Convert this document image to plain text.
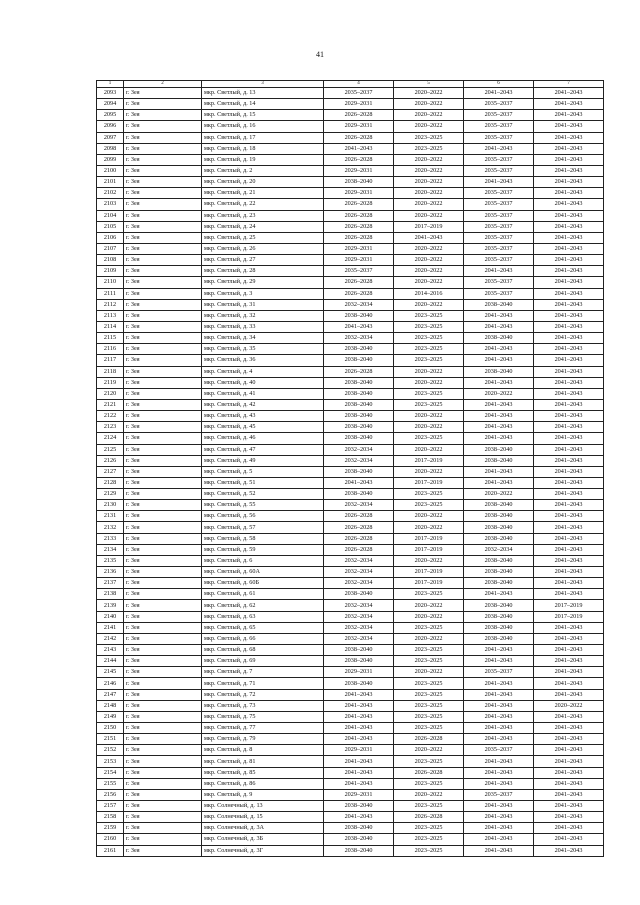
41
1	2	3	4	5	6	7
2093	г. Зея	мкр. Светлый, д. 13	2035–2037	2020–2022	2041–2043	2041–2043
2094	г. Зея	мкр. Светлый, д. 14	2029–2031	2020–2022	2035–2037	2041–2043
2095	г. Зея	мкр. Светлый, д. 15	2026–2028	2020–2022	2035–2037	2041–2043
2096	г. Зея	мкр. Светлый, д. 16	2029–2031	2020–2022	2035–2037	2041–2043
2097	г. Зея	мкр. Светлый, д. 17	2026–2028	2023–2025	2035–2037	2041–2043
2098	г. Зея	мкр. Светлый, д. 18	2041–2043	2023–2025	2041–2043	2041–2043
2099	г. Зея	мкр. Светлый, д. 19	2026–2028	2020–2022	2035–2037	2041–2043
2100	г. Зея	мкр. Светлый, д. 2	2029–2031	2020–2022	2035–2037	2041–2043
2101	г. Зея	мкр. Светлый, д. 20	2038–2040	2020–2022	2041–2043	2041–2043
2102	г. Зея	мкр. Светлый, д. 21	2029–2031	2020–2022	2035–2037	2041–2043
2103	г. Зея	мкр. Светлый, д. 22	2026–2028	2020–2022	2035–2037	2041–2043
2104	г. Зея	мкр. Светлый, д. 23	2026–2028	2020–2022	2035–2037	2041–2043
2105	г. Зея	мкр. Светлый, д. 24	2026–2028	2017–2019	2035–2037	2041–2043
2106	г. Зея	мкр. Светлый, д. 25	2026–2028	2041–2043	2035–2037	2041–2043
2107	г. Зея	мкр. Светлый, д. 26	2029–2031	2020–2022	2035–2037	2041–2043
2108	г. Зея	мкр. Светлый, д. 27	2029–2031	2020–2022	2035–2037	2041–2043
2109	г. Зея	мкр. Светлый, д. 28	2035–2037	2020–2022	2041–2043	2041–2043
2110	г. Зея	мкр. Светлый, д. 29	2026–2028	2020–2022	2035–2037	2041–2043
2111	г. Зея	мкр. Светлый, д. 3	2026–2028	2014–2016	2035–2037	2041–2043
2112	г. Зея	мкр. Светлый, д. 31	2032–2034	2020–2022	2038–2040	2041–2043
2113	г. Зея	мкр. Светлый, д. 32	2038–2040	2023–2025	2041–2043	2041–2043
2114	г. Зея	мкр. Светлый, д. 33	2041–2043	2023–2025	2041–2043	2041–2043
2115	г. Зея	мкр. Светлый, д. 34	2032–2034	2023–2025	2038–2040	2041–2043
2116	г. Зея	мкр. Светлый, д. 35	2038–2040	2023–2025	2041–2043	2041–2043
2117	г. Зея	мкр. Светлый, д. 36	2038–2040	2023–2025	2041–2043	2041–2043
2118	г. Зея	мкр. Светлый, д. 4	2026–2028	2020–2022	2038–2040	2041–2043
2119	г. Зея	мкр. Светлый, д. 40	2038–2040	2020–2022	2041–2043	2041–2043
2120	г. Зея	мкр. Светлый, д. 41	2038–2040	2023–2025	2020–2022	2041–2043
2121	г. Зея	мкр. Светлый, д. 42	2038–2040	2023–2025	2041–2043	2041–2043
2122	г. Зея	мкр. Светлый, д. 43	2038–2040	2020–2022	2041–2043	2041–2043
2123	г. Зея	мкр. Светлый, д. 45	2038–2040	2020–2022	2041–2043	2041–2043
2124	г. Зея	мкр. Светлый, д. 46	2038–2040	2023–2025	2041–2043	2041–2043
2125	г. Зея	мкр. Светлый, д. 47	2032–2034	2020–2022	2038–2040	2041–2043
2126	г. Зея	мкр. Светлый, д. 49	2032–2034	2017–2019	2038–2040	2041–2043
2127	г. Зея	мкр. Светлый, д. 5	2038–2040	2020–2022	2041–2043	2041–2043
2128	г. Зея	мкр. Светлый, д. 51	2041–2043	2017–2019	2041–2043	2041–2043
2129	г. Зея	мкр. Светлый, д. 52	2038–2040	2023–2025	2020–2022	2041–2043
2130	г. Зея	мкр. Светлый, д. 55	2032–2034	2023–2025	2038–2040	2041–2043
2131	г. Зея	мкр. Светлый, д. 56	2026–2028	2020–2022	2038–2040	2041–2043
2132	г. Зея	мкр. Светлый, д. 57	2026–2028	2020–2022	2038–2040	2041–2043
2133	г. Зея	мкр. Светлый, д. 58	2026–2028	2017–2019	2038–2040	2041–2043
2134	г. Зея	мкр. Светлый, д. 59	2026–2028	2017–2019	2032–2034	2041–2043
2135	г. Зея	мкр. Светлый, д. 6	2032–2034	2020–2022	2038–2040	2041–2043
2136	г. Зея	мкр. Светлый, д. 60А	2032–2034	2017–2019	2038–2040	2041–2043
2137	г. Зея	мкр. Светлый, д. 60Б	2032–2034	2017–2019	2038–2040	2041–2043
2138	г. Зея	мкр. Светлый, д. 61	2038–2040	2023–2025	2041–2043	2041–2043
2139	г. Зея	мкр. Светлый, д. 62	2032–2034	2020–2022	2038–2040	2017–2019
2140	г. Зея	мкр. Светлый, д. 63	2032–2034	2020–2022	2038–2040	2017–2019
2141	г. Зея	мкр. Светлый, д. 65	2032–2034	2023–2025	2038–2040	2041–2043
2142	г. Зея	мкр. Светлый, д. 66	2032–2034	2020–2022	2038–2040	2041–2043
2143	г. Зея	мкр. Светлый, д. 68	2038–2040	2023–2025	2041–2043	2041–2043
2144	г. Зея	мкр. Светлый, д. 69	2038–2040	2023–2025	2041–2043	2041–2043
2145	г. Зея	мкр. Светлый, д. 7	2029–2031	2020–2022	2035–2037	2041–2043
2146	г. Зея	мкр. Светлый, д. 71	2038–2040	2023–2025	2041–2043	2041–2043
2147	г. Зея	мкр. Светлый, д. 72	2041–2043	2023–2025	2041–2043	2041–2043
2148	г. Зея	мкр. Светлый, д. 73	2041–2043	2023–2025	2041–2043	2020–2022
2149	г. Зея	мкр. Светлый, д. 75	2041–2043	2023–2025	2041–2043	2041–2043
2150	г. Зея	мкр. Светлый, д. 77	2041–2043	2023–2025	2041–2043	2041–2043
2151	г. Зея	мкр. Светлый, д. 79	2041–2043	2026–2028	2041–2043	2041–2043
2152	г. Зея	мкр. Светлый, д. 8	2029–2031	2020–2022	2035–2037	2041–2043
2153	г. Зея	мкр. Светлый, д. 81	2041–2043	2023–2025	2041–2043	2041–2043
2154	г. Зея	мкр. Светлый, д. 85	2041–2043	2026–2028	2041–2043	2041–2043
2155	г. Зея	мкр. Светлый, д. 86	2041–2043	2023–2025	2041–2043	2041–2043
2156	г. Зея	мкр. Светлый, д. 9	2029–2031	2020–2022	2035–2037	2041–2043
2157	г. Зея	мкр. Солнечный, д. 13	2038–2040	2023–2025	2041–2043	2041–2043
2158	г. Зея	мкр. Солнечный, д. 15	2041–2043	2026–2028	2041–2043	2041–2043
2159	г. Зея	мкр. Солнечный, д. 3А	2038–2040	2023–2025	2041–2043	2041–2043
2160	г. Зея	мкр. Солнечный, д. 3Б	2038–2040	2023–2025	2041–2043	2041–2043
2161	г. Зея	мкр. Солнечный, д. 3Г	2038–2040	2023–2025	2041–2043	2041–2043
